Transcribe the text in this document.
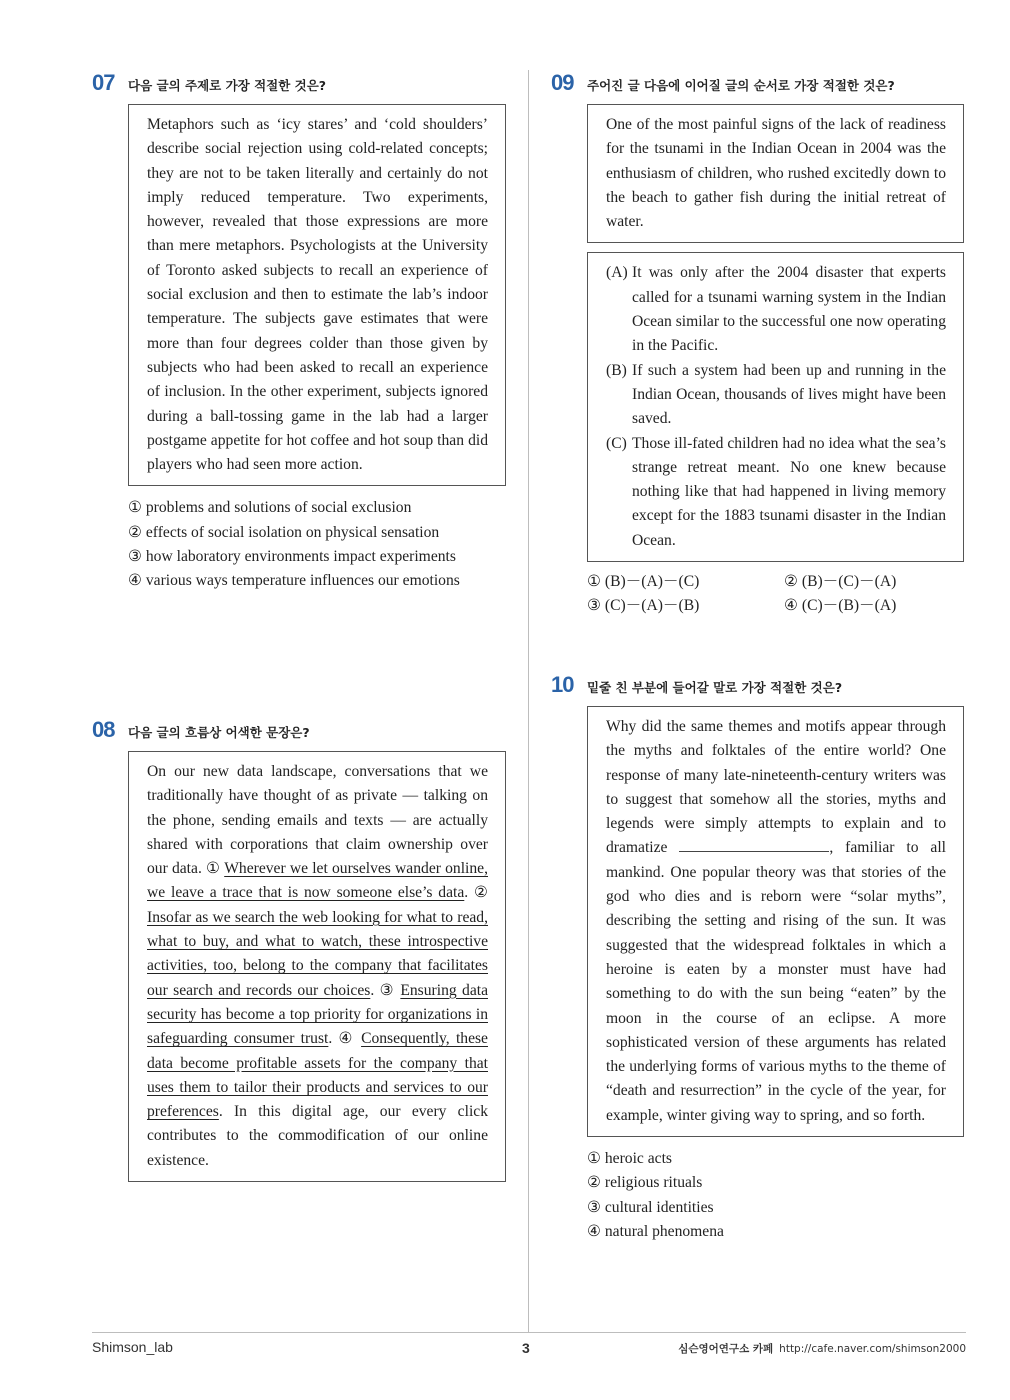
07	다음 글의 주제로 가장 적절한 것은?
Metaphors such as ‘icy stares’ and ‘cold shoulders’ describe social rejection using cold-related concepts; they are not to be taken literally and certainly do not imply reduced temperature. Two experiments, however, revealed that those expressions are more than mere metaphors. Psychologists at the University of Toronto asked subjects to recall an experience of social exclusion and then to estimate the lab’s indoor temperature. The subjects gave estimates that were more than four degrees colder than those given by subjects who had been asked to recall an experience of inclusion. In the other experiment, subjects ignored during a ball-tossing game in the lab had a larger postgame appetite for hot coffee and hot soup than did players who had seen more action.
① problems and solutions of social exclusion
② effects of social isolation on physical sensation
③ how laboratory environments impact experiments
④ various ways temperature influences our emotions
08	다음 글의 흐름상 어색한 문장은?
On our new data landscape, conversations that we traditionally have thought of as private — talking on the phone, sending emails and texts — are actually shared with corporations that claim ownership over our data. ① Wherever we let ourselves wander online, we leave a trace that is now someone else’s data. ② Insofar as we search the web looking for what to read, what to buy, and what to watch, these introspective activities, too, belong to the company that facilitates our search and records our choices. ③ Ensuring data security has become a top priority for organizations in safeguarding consumer trust. ④ Consequently, these data become profitable assets for the company that uses them to tailor their products and services to our preferences. In this digital age, our every click contributes to the commodification of our online existence.
09	주어진 글 다음에 이어질 글의 순서로 가장 적절한 것은?
One of the most painful signs of the lack of readiness for the tsunami in the Indian Ocean in 2004 was the enthusiasm of children, who rushed excitedly down to the beach to gather fish during the initial retreat of water.
(A) It was only after the 2004 disaster that experts called for a tsunami warning system in the Indian Ocean similar to the successful one now operating in the Pacific.
(B) If such a system had been up and running in the Indian Ocean, thousands of lives might have been saved.
(C) Those ill-fated children had no idea what the sea’s strange retreat meant. No one knew because nothing like that had happened in living memory except for the 1883 tsunami disaster in the Indian Ocean.
① (B)－(A)－(C)	② (B)－(C)－(A)
③ (C)－(A)－(B)	④ (C)－(B)－(A)
10	밑줄 친 부분에 들어갈 말로 가장 적절한 것은?
Why did the same themes and motifs appear through the myths and folktales of the entire world? One response of many late-nineteenth-century writers was to suggest that somehow all the stories, myths and legends were simply attempts to explain and to dramatize	, familiar to all mankind. One popular theory was that stories of the god who dies and is reborn were “solar myths”, describing the setting and rising of the sun. It was suggested that the widespread folktales in which a heroine is eaten by a monster must have had something to do with the sun being “eaten” by the moon in the course of an eclipse. A more sophisticated version of these arguments has related the underlying forms of various myths to the theme of “death and resurrection” in the cycle of the year, for example, winter giving way to spring, and so forth.
① heroic acts
② religious rituals
③ cultural identities
④ natural phenomena
Shimson_lab	3	심슨영어연구소 카페 http://cafe.naver.com/shimson2000
